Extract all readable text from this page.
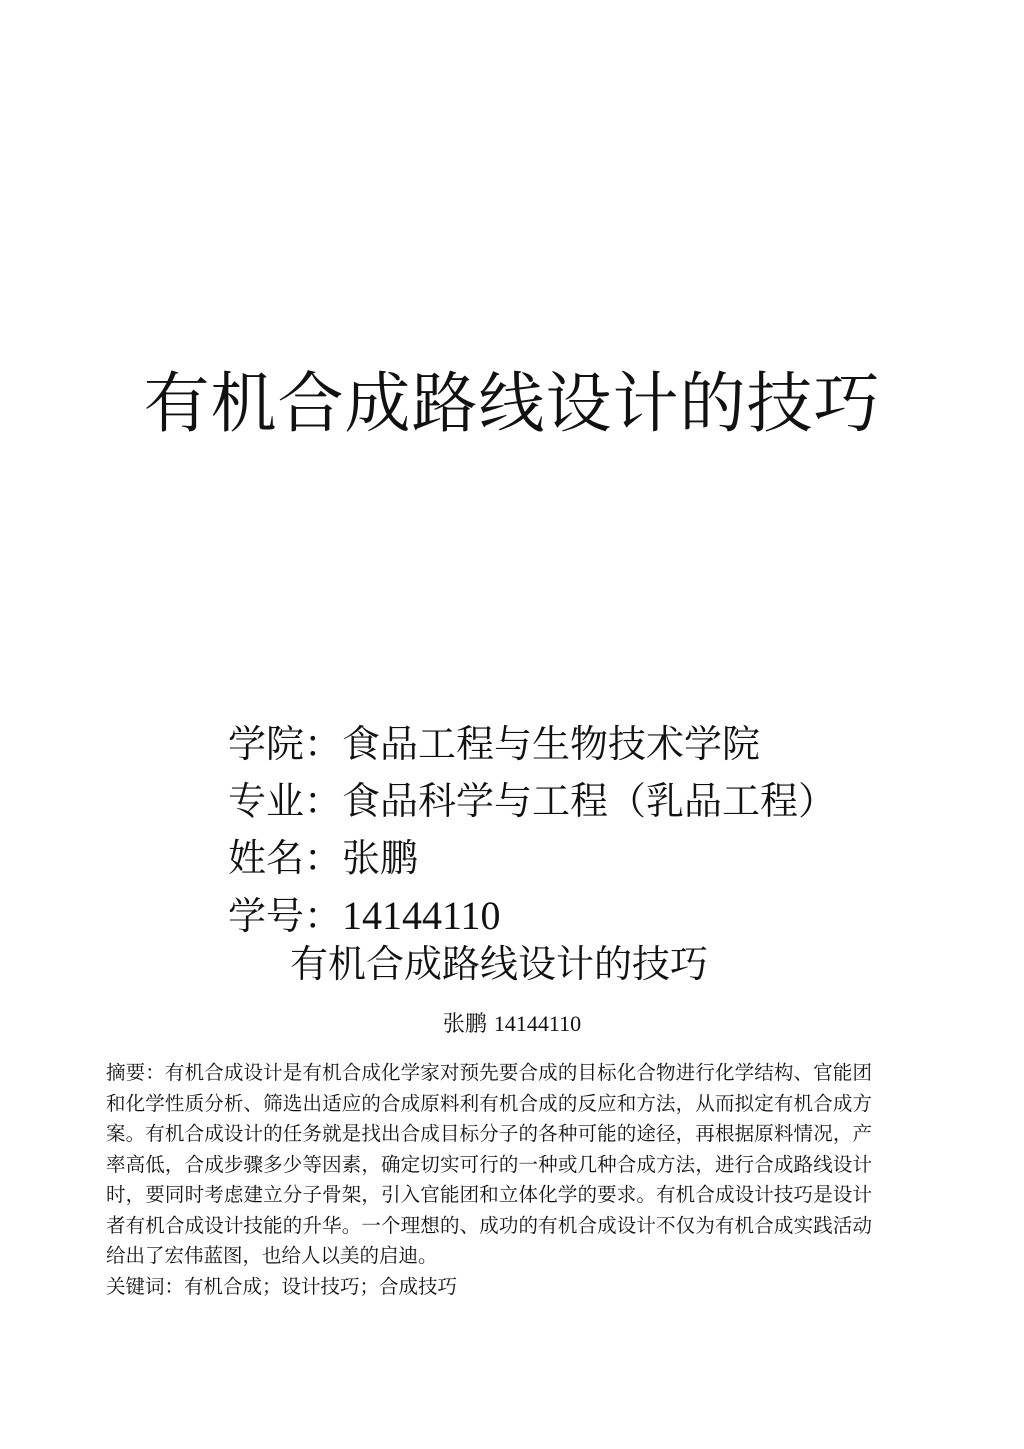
有机合成路线设计的技巧
学院：食品工程与生物技术学院
专业：食品科学与工程（乳品工程）
姓名：张鹏
学号：14144110
有机合成路线设计的技巧
张鹏 14144110

摘要：有机合成设计是有机合成化学家对预先要合成的目标化合物进行化学结构、官能团和化学性质分析、筛选出适应的合成原料利有机合成的反应和方法，从而拟定有机合成方案。有机合成设计的任务就是找出合成目标分子的各种可能的途径，再根据原料情况，产率高低，合成步骤多少等因素，确定切实可行的一种或几种合成方法，进行合成路线设计时，要同时考虑建立分子骨架，引入官能团和立体化学的要求。有机合成设计技巧是设计者有机合成设计技能的升华。一个理想的、成功的有机合成设计不仅为有机合成实践活动给出了宏伟蓝图，也给人以美的启迪。

关键词：有机合成；设计技巧；合成技巧
